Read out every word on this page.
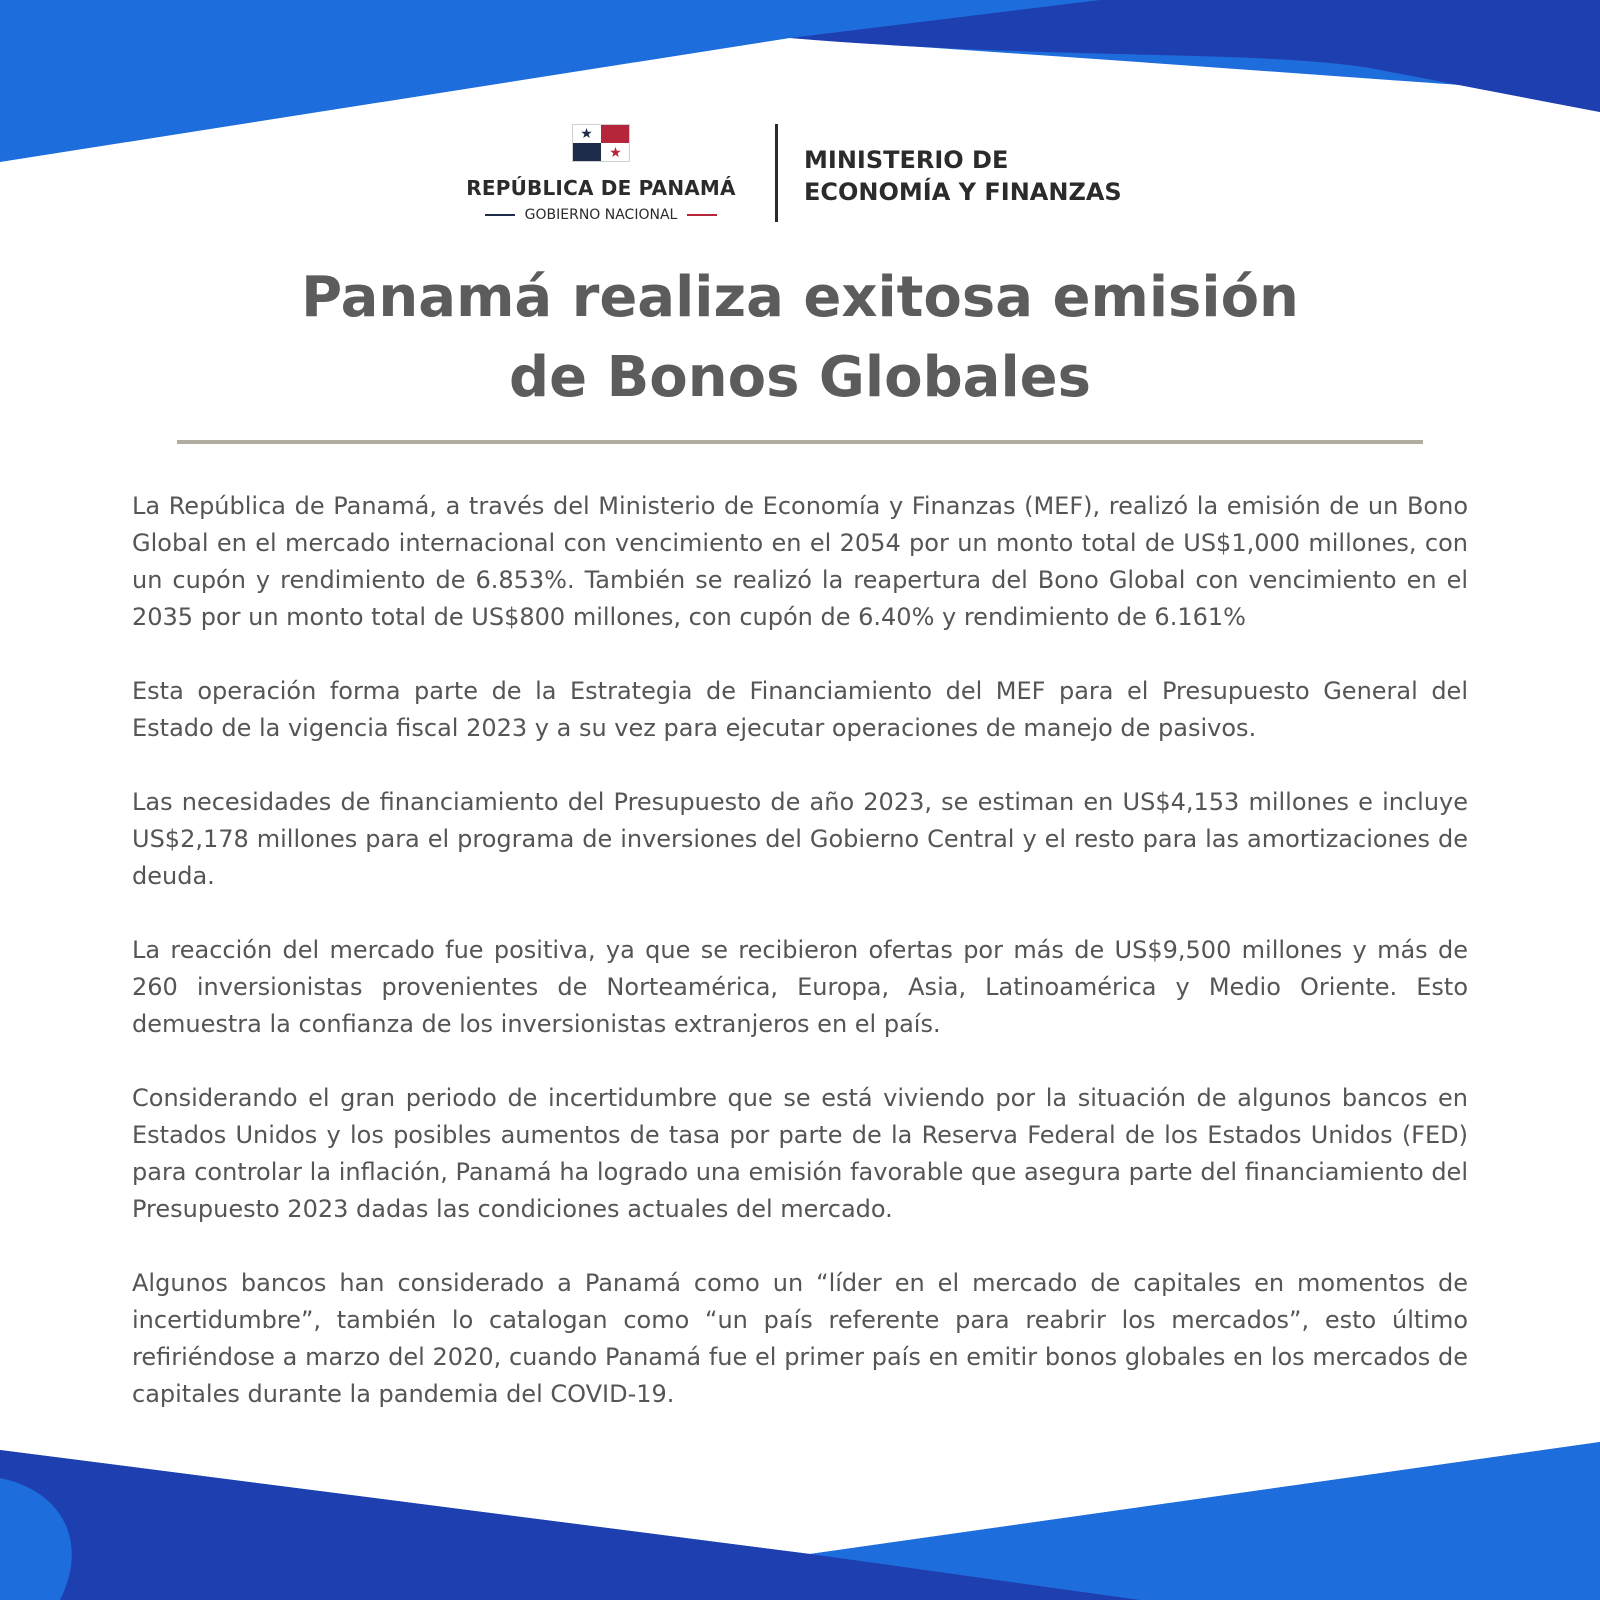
REPÚBLICA DE PANAMÁ
GOBIERNO NACIONAL
MINISTERIO DE
ECONOMÍA Y FINANZAS
Panamá realiza exitosa emisión
de Bonos Globales

La República de Panamá, a través del Ministerio de Economía y Finanzas (MEF), realizó la emisión de un Bono Global en el mercado internacional con vencimiento en el 2054 por un monto total de US$1,000 millones, con un cupón y rendimiento de 6.853%. También se realizó la reapertura del Bono Global con vencimiento en el 2035 por un monto total de US$800 millones, con cupón de 6.40% y rendimiento de 6.161%

Esta operación forma parte de la Estrategia de Financiamiento del MEF para el Presupuesto General del Estado de la vigencia fiscal 2023 y a su vez para ejecutar operaciones de manejo de pasivos.

Las necesidades de financiamiento del Presupuesto de año 2023, se estiman en US$4,153 millones e incluye US$2,178 millones para el programa de inversiones del Gobierno Central y el resto para las amortizaciones de deuda.

La reacción del mercado fue positiva, ya que se recibieron ofertas por más de US$9,500 millones y más de 260 inversionistas provenientes de Norteamérica, Europa, Asia, Latinoamérica y Medio Oriente. Esto demuestra la confianza de los inversionistas extranjeros en el país.

Considerando el gran periodo de incertidumbre que se está viviendo por la situación de algunos bancos en Estados Unidos y los posibles aumentos de tasa por parte de la Reserva Federal de los Estados Unidos (FED) para controlar la inflación, Panamá ha logrado una emisión favorable que asegura parte del financiamiento del Presupuesto 2023 dadas las condiciones actuales del mercado.

Algunos bancos han considerado a Panamá como un “líder en el mercado de capitales en momentos de incertidumbre”, también lo catalogan como “un país referente para reabrir los mercados”, esto último refiriéndose a marzo del 2020, cuando Panamá fue el primer país en emitir bonos globales en los mercados de capitales durante la pandemia del COVID-19.
